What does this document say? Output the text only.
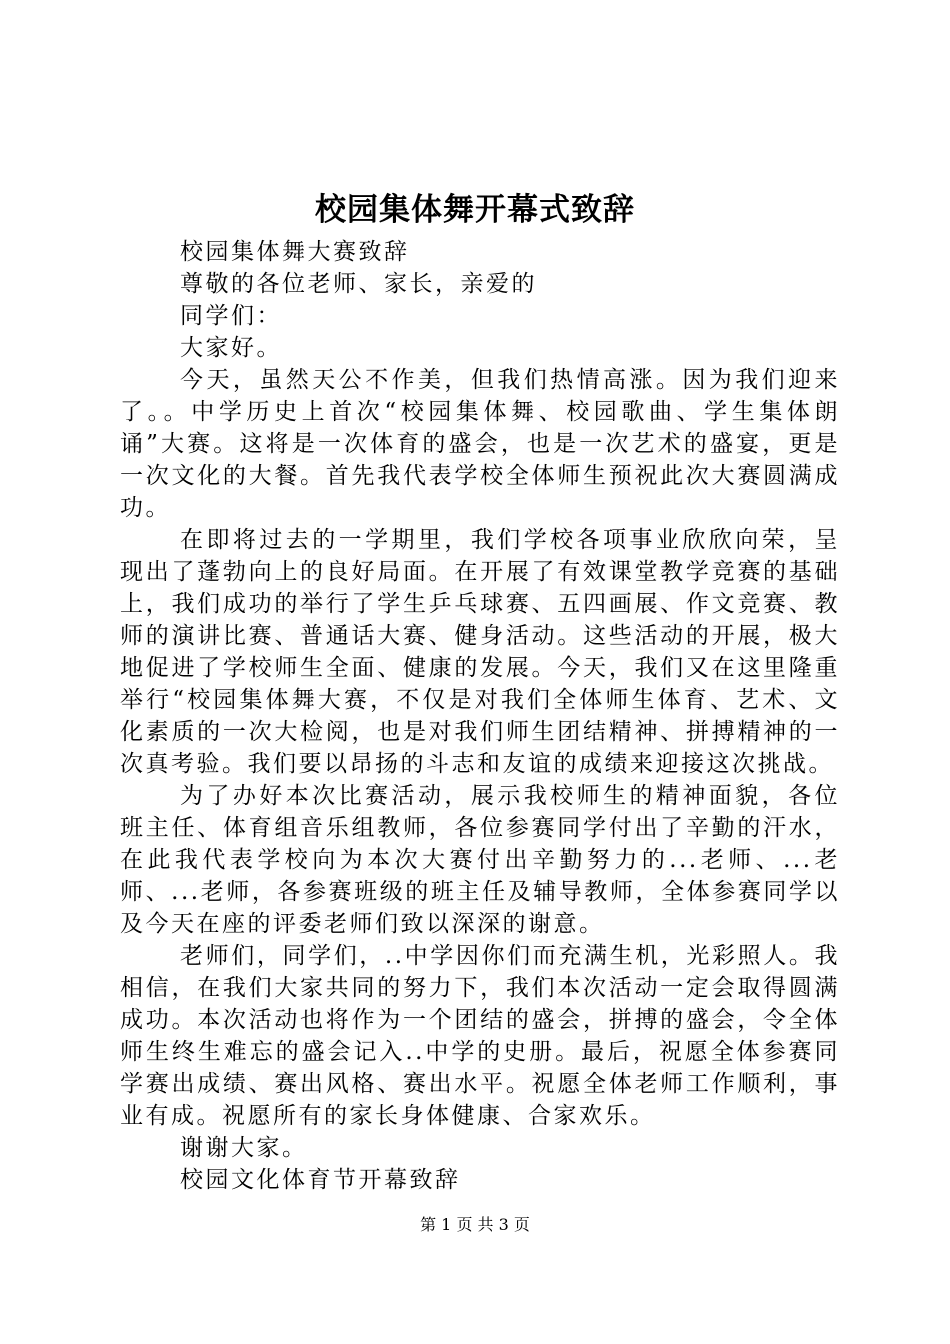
校园集体舞开幕式致辞

校园集体舞大赛致辞

尊敬的各位老师、家长，亲爱的

同学们：

大家好。

今天，虽然天公不作美，但我们热情高涨。因为我们迎来了。。中学历史上首次“校园集体舞、校园歌曲、学生集体朗诵”大赛。这将是一次体育的盛会，也是一次艺术的盛宴，更是一次文化的大餐。首先我代表学校全体师生预祝此次大赛圆满成功。

在即将过去的一学期里，我们学校各项事业欣欣向荣，呈现出了蓬勃向上的良好局面。在开展了有效课堂教学竞赛的基础上，我们成功的举行了学生乒乓球赛、五四画展、作文竞赛、教师的演讲比赛、普通话大赛、健身活动。这些活动的开展，极大地促进了学校师生全面、健康的发展。今天，我们又在这里隆重举行“校园集体舞大赛，不仅是对我们全体师生体育、艺术、文化素质的一次大检阅，也是对我们师生团结精神、拼搏精神的一次真考验。我们要以昂扬的斗志和友谊的成绩来迎接这次挑战。

为了办好本次比赛活动，展示我校师生的精神面貌，各位班主任、体育组音乐组教师，各位参赛同学付出了辛勤的汗水，在此我代表学校向为本次大赛付出辛勤努力的...老师、...老师、...老师，各参赛班级的班主任及辅导教师，全体参赛同学以及今天在座的评委老师们致以深深的谢意。

老师们，同学们，..中学因你们而充满生机，光彩照人。我相信，在我们大家共同的努力下，我们本次活动一定会取得圆满成功。本次活动也将作为一个团结的盛会，拼搏的盛会，令全体师生终生难忘的盛会记入..中学的史册。最后，祝愿全体参赛同学赛出成绩、赛出风格、赛出水平。祝愿全体老师工作顺利，事业有成。祝愿所有的家长身体健康、合家欢乐。

谢谢大家。

校园文化体育节开幕致辞

第 1 页 共 3 页
